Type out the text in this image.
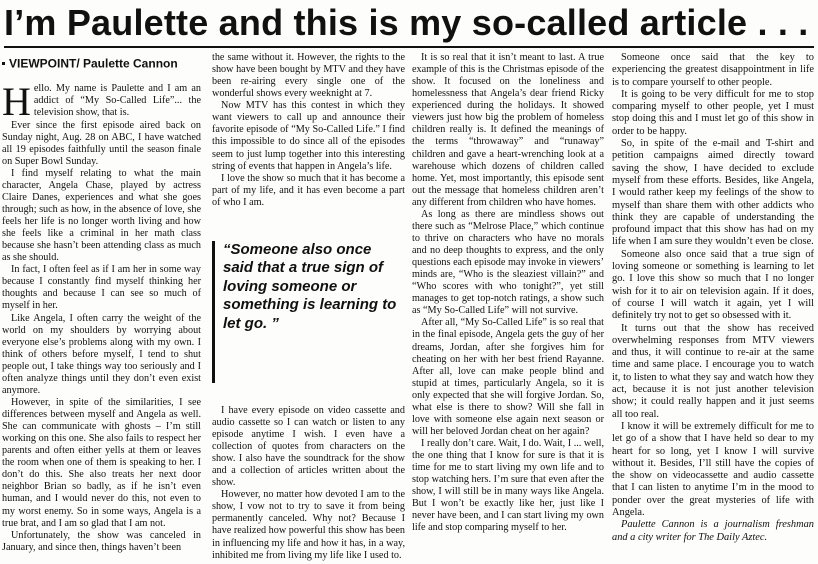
I’m Paulette and this is my so-called article . . .
VIEWPOINT/ Paulette Cannon

Hello. My name is Paulette and I am an addict of “My So-Called Life”... the television show, that is.

Ever since the first episode aired back on Sunday night, Aug. 28 on ABC, I have watched all 19 episodes faithfully until the season finale on Super Bowl Sunday.

I find myself relating to what the main character, Angela Chase, played by actress Claire Danes, experiences and what she goes through; such as how, in the absence of love, she feels her life is no longer worth living and how she feels like a criminal in her math class because she hasn’t been attending class as much as she should.

In fact, I often feel as if I am her in some way because I constantly find myself thinking her thoughts and because I can see so much of myself in her.

Like Angela, I often carry the weight of the world on my shoulders by worrying about everyone else’s problems along with my own. I think of others before myself, I tend to shut people out, I take things way too seriously and I often analyze things until they don’t even exist anymore.

However, in spite of the similarities, I see differences between myself and Angela as well. She can communicate with ghosts – I’m still working on this one. She also fails to respect her parents and often either yells at them or leaves the room when one of them is speaking to her. I don’t do this. She also treats her next door neighbor Brian so badly, as if he isn’t even human, and I would never do this, not even to my worst enemy. So in some ways, Angela is a true brat, and I am so glad that I am not.

Unfortunately, the show was canceled in January, and since then, things haven’t been

the same without it. However, the rights to the show have been bought by MTV and they have been re-airing every single one of the wonderful shows every weeknight at 7.

Now MTV has this contest in which they want viewers to call up and announce their favorite episode of “My So-Called Life.” I find this impossible to do since all of the episodes seem to just lump together into this interesting string of events that happen in Angela’s life.

I love the show so much that it has become a part of my life, and it has even become a part of who I am.

“Someone also once said that a true sign of loving someone or something is learning to let go. ”

I have every episode on video cassette and audio cassette so I can watch or listen to any episode anytime I wish. I even have a collection of quotes from characters on the show. I also have the soundtrack for the show and a collection of articles written about the show.

However, no matter how devoted I am to the show, I vow not to try to save it from being permanently canceled. Why not? Because I have realized how powerful this show has been in influencing my life and how it has, in a way, inhibited me from living my life like I used to.

It is so real that it isn’t meant to last. A true example of this is the Christmas episode of the show. It focused on the loneliness and homelessness that Angela’s dear friend Ricky experienced during the holidays. It showed viewers just how big the problem of homeless children really is. It defined the meanings of the terms “throwaway” and “runaway” children and gave a heart-wrenching look at a warehouse which dozens of children called home. Yet, most importantly, this episode sent out the message that homeless children aren’t any different from children who have homes.

As long as there are mindless shows out there such as “Melrose Place,” which continue to thrive on characters who have no morals and no deep thoughts to express, and the only questions each episode may invoke in viewers’ minds are, “Who is the sleaziest villain?” and “Who scores with who tonight?”, yet still manages to get top-notch ratings, a show such as “My So-Called Life” will not survive.

After all, “My So-Called Life” is so real that in the final episode, Angela gets the guy of her dreams, Jordan, after she forgives him for cheating on her with her best friend Rayanne. After all, love can make people blind and stupid at times, particularly Angela, so it is only expected that she will forgive Jordan. So, what else is there to show? Will she fall in love with someone else again next season or will her beloved Jordan cheat on her again?

I really don’t care. Wait, I do. Wait, I ... well, the one thing that I know for sure is that it is time for me to start living my own life and to stop watching hers. I’m sure that even after the show, I will still be in many ways like Angela. But I won’t be exactly like her, just like I never have been, and I can start living my own life and stop comparing myself to her.

Someone once said that the key to experiencing the greatest disappointment in life is to compare yourself to other people.

It is going to be very difficult for me to stop comparing myself to other people, yet I must stop doing this and I must let go of this show in order to be happy.

So, in spite of the e-mail and T-shirt and petition campaigns aimed directly toward saving the show, I have decided to exclude myself from these efforts. Besides, like Angela, I would rather keep my feelings of the show to myself than share them with other addicts who think they are capable of understanding the profound impact that this show has had on my life when I am sure they wouldn’t even be close.

Someone also once said that a true sign of loving someone or something is learning to let go. I love this show so much that I no longer wish for it to air on television again. If it does, of course I will watch it again, yet I will definitely try not to get so obsessed with it.

It turns out that the show has received overwhelming responses from MTV viewers and thus, it will continue to re-air at the same time and same place. I encourage you to watch it, to listen to what they say and watch how they act, because it is not just another television show; it could really happen and it just seems all too real.

I know it will be extremely difficult for me to let go of a show that I have held so dear to my heart for so long, yet I know I will survive without it. Besides, I’ll still have the copies of the show on videocassette and audio cassette that I can listen to anytime I’m in the mood to ponder over the great mysteries of life with Angela.

Paulette Cannon is a journalism freshman and a city writer for The Daily Aztec.
